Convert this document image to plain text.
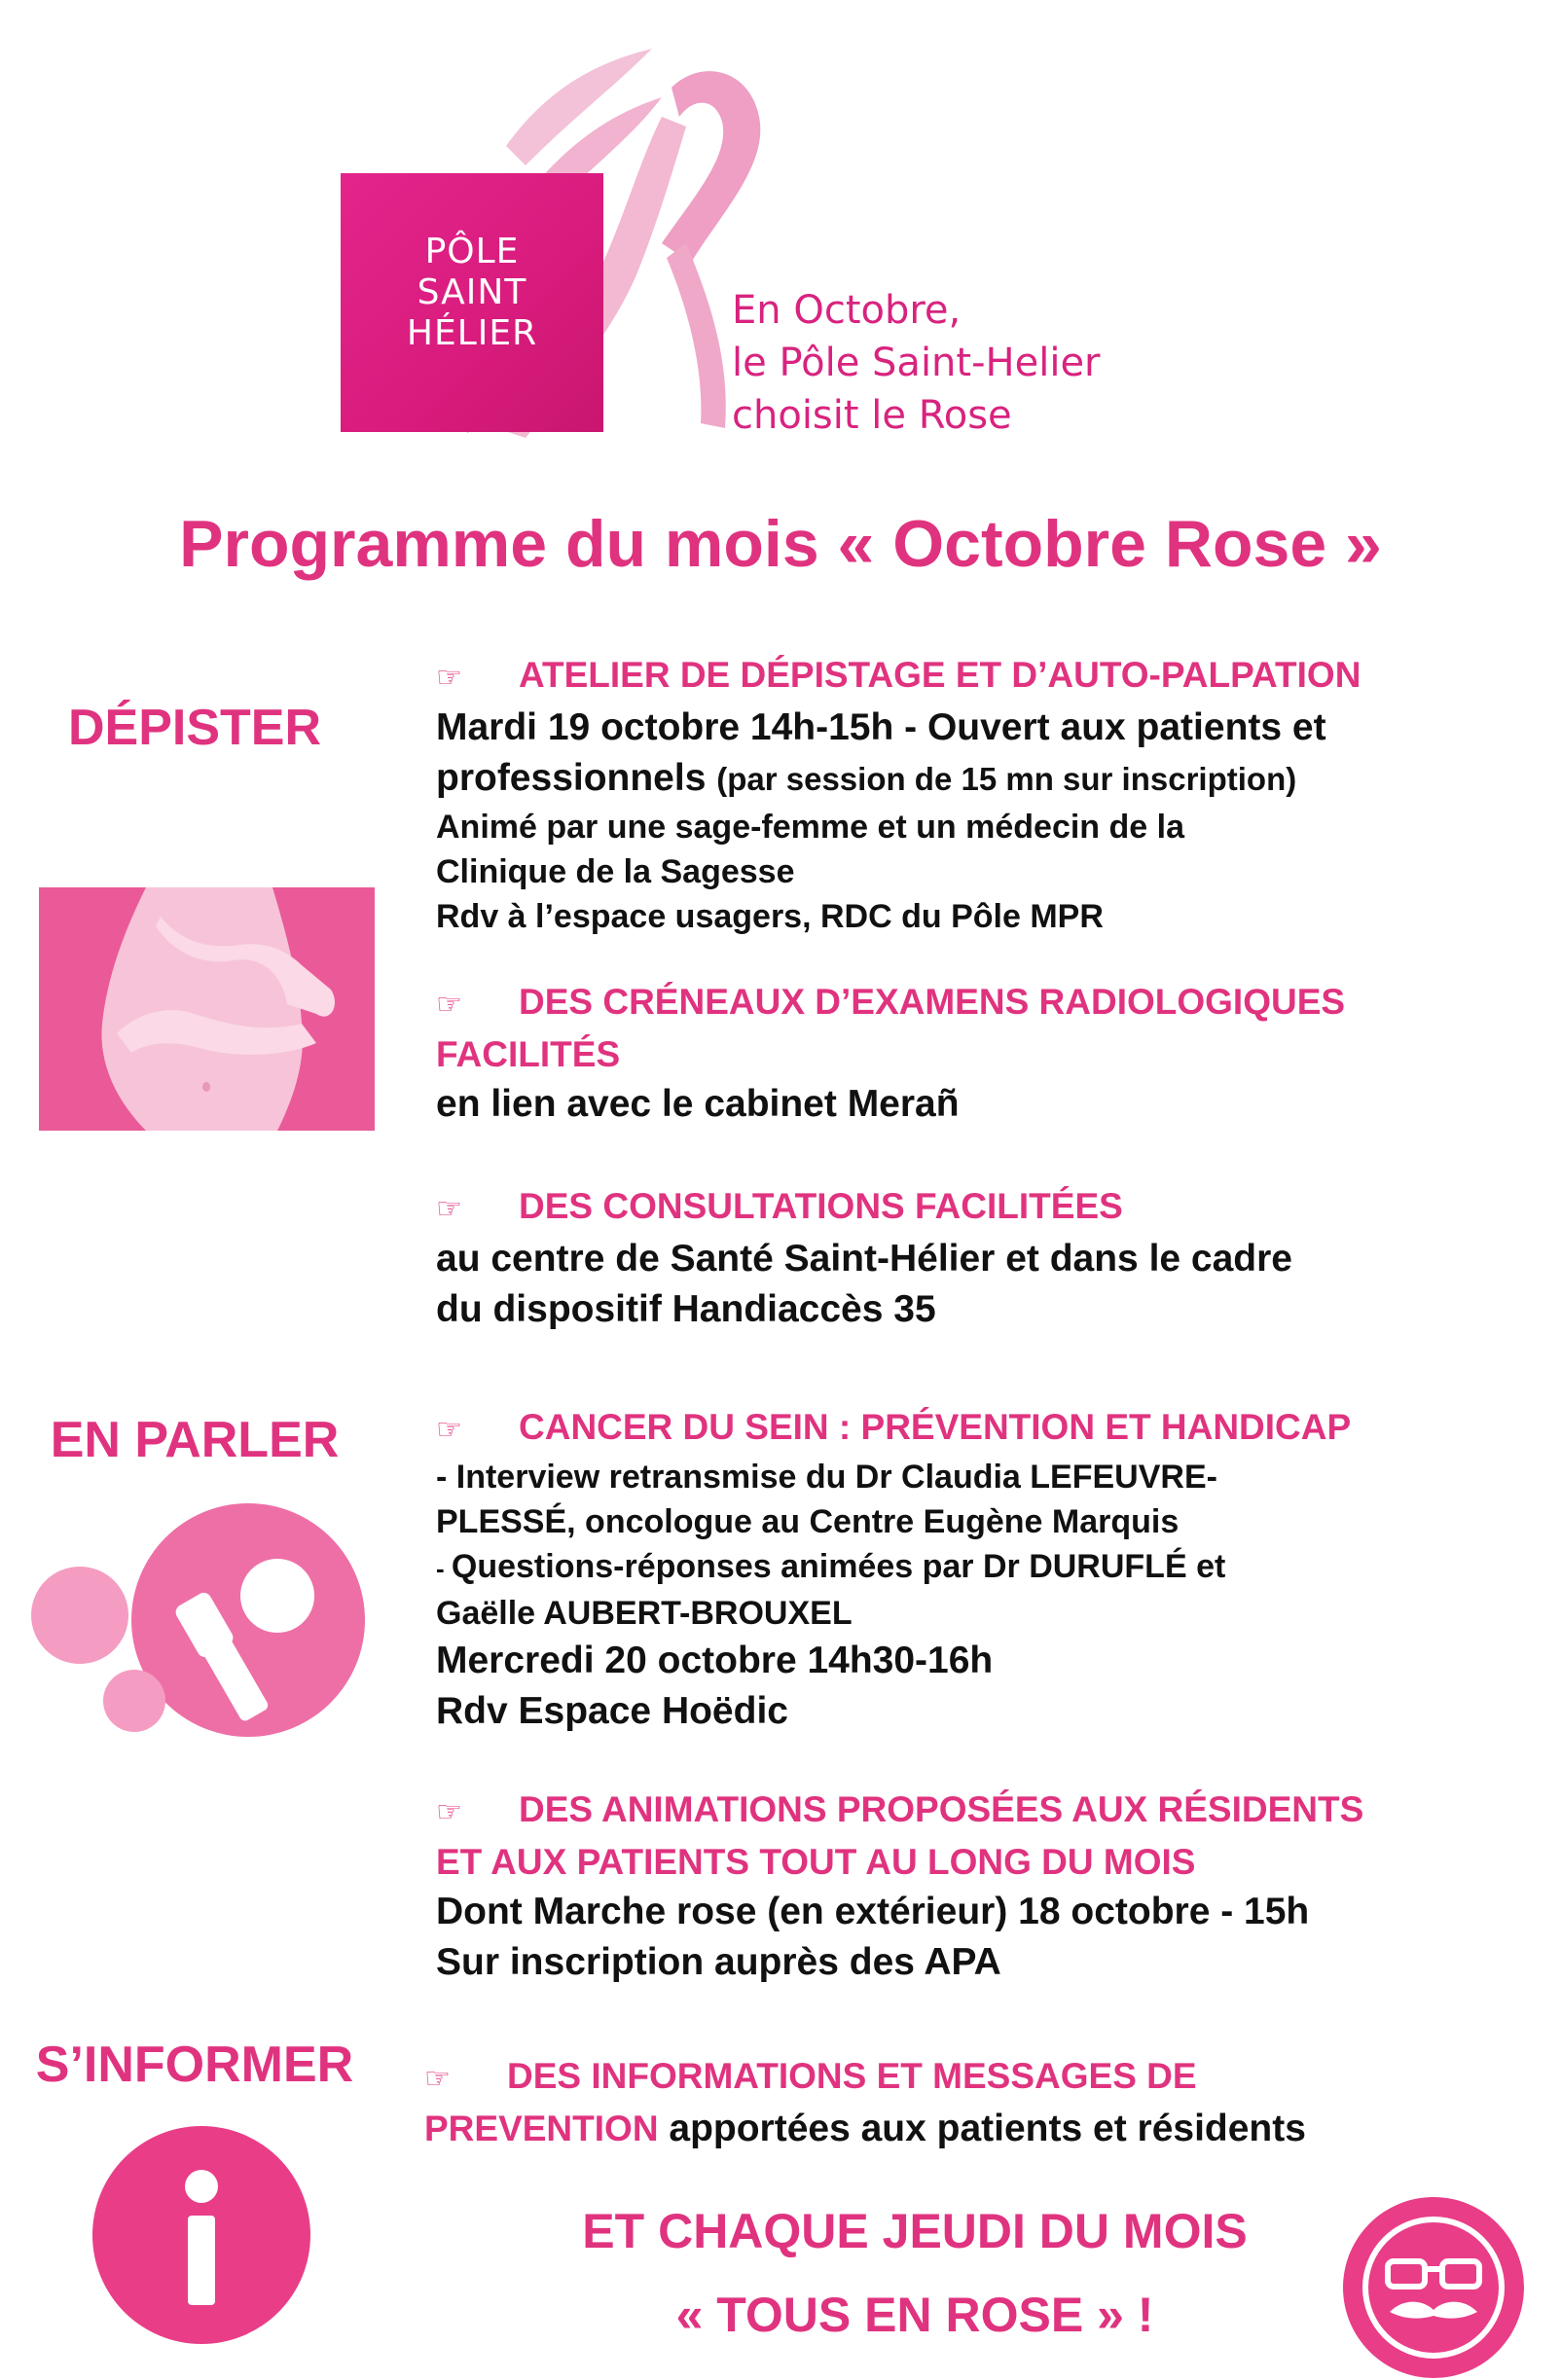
PÔLE
SAINT
HÉLIER
En Octobre,
le Pôle Saint-Helier
choisit le Rose
Programme du mois « Octobre Rose »
DÉPISTER
EN PARLER
S’INFORMER
☞ ATELIER DE DÉPISTAGE ET D’AUTO-PALPATION
Mardi 19 octobre 14h-15h - Ouvert aux patients et
professionnels (par session de 15 mn sur inscription)
Animé par une sage-femme et un médecin de la
Clinique de la Sagesse
Rdv à l’espace usagers, RDC du Pôle MPR
☞ DES CRÉNEAUX D’EXAMENS RADIOLOGIQUES
FACILITÉS
en lien avec le cabinet Merañ
☞ DES CONSULTATIONS FACILITÉES
au centre de Santé Saint-Hélier et dans le cadre
du dispositif Handiaccès 35
☞ CANCER DU SEIN : PRÉVENTION ET HANDICAP
- Interview retransmise du Dr Claudia LEFEUVRE-
PLESSÉ, oncologue au Centre Eugène Marquis
- Questions-réponses animées par Dr DURUFLÉ et
Gaëlle AUBERT-BROUXEL
Mercredi 20 octobre 14h30-16h
Rdv Espace Hoëdic
☞ DES ANIMATIONS PROPOSÉES AUX RÉSIDENTS
ET AUX PATIENTS TOUT AU LONG DU MOIS
Dont Marche rose (en extérieur) 18 octobre - 15h
Sur inscription auprès des APA
☞ DES INFORMATIONS ET MESSAGES DE
PREVENTION apportées aux patients et résidents
ET CHAQUE JEUDI DU MOIS
« TOUS EN ROSE » !
